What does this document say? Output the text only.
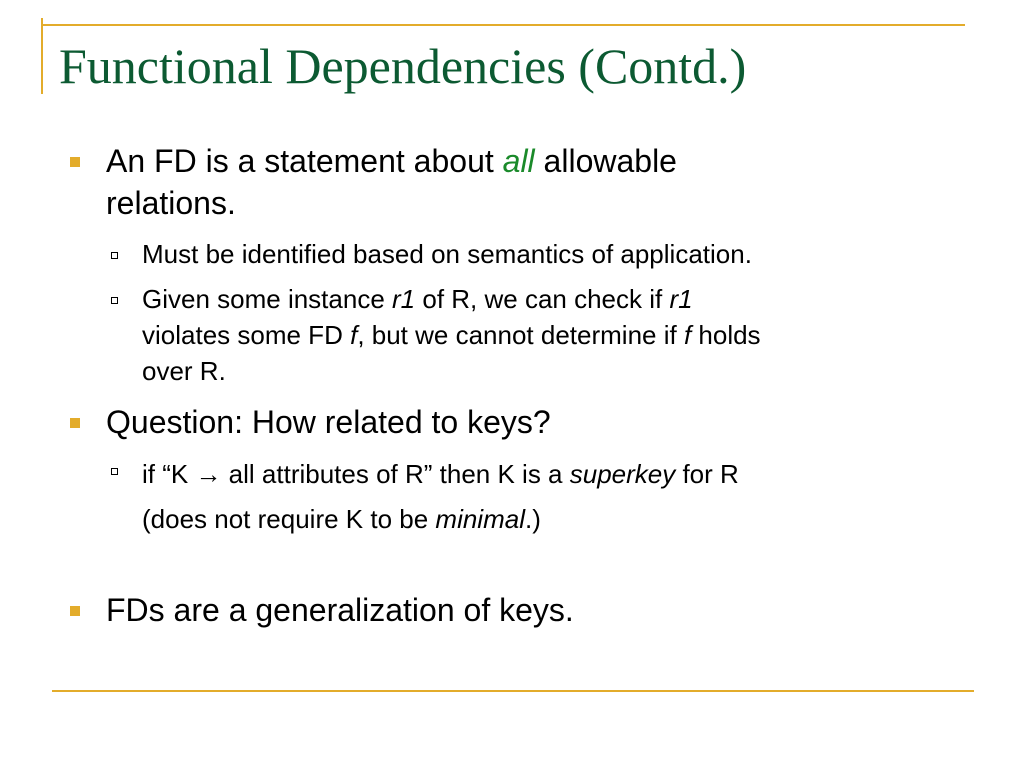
Functional Dependencies (Contd.)

An FD is a statement about all allowable
relations.

Must be identified based on semantics of application.

Given some instance r1 of R, we can check if r1
violates some FD f, but we cannot determine if f holds
over R.

Question: How related to keys?

if “K → all attributes of R” then K is a superkey for R
(does not require K to be minimal.)

FDs are a generalization of keys.
